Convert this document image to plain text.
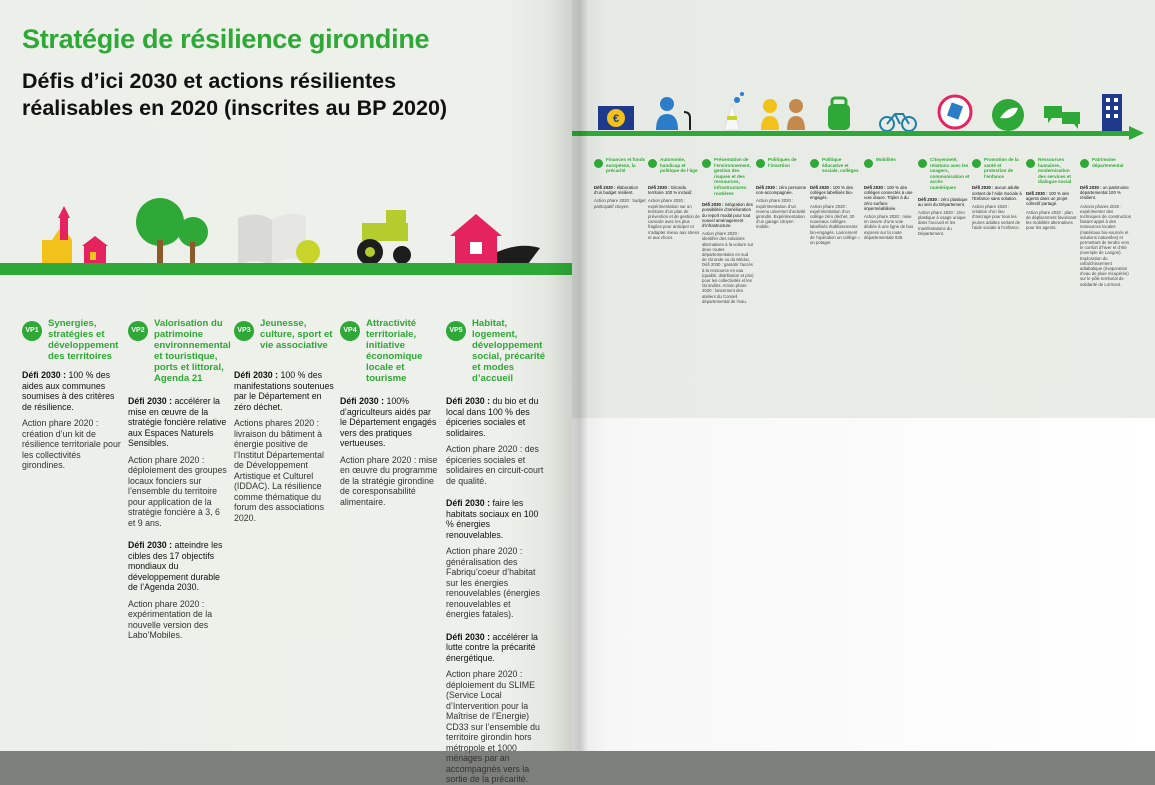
Stratégie de résilience girondine
Défis d’ici 2030 et actions résilientes réalisables en 2020 (inscrites au BP 2020)
VP1
Synergies, stratégies et développement des territoires
Défi 2030 : 100 % des aides aux communes soumises à des critères de résilience.
Action phare 2020 : création d’un kit de résilience territoriale pour les collectivités girondines.
VP2
Valorisation du patrimoine environnemental et touristique, ports et littoral, Agenda 21
Défi 2030 : accélérer la mise en œuvre de la stratégie foncière relative aux Espaces Naturels Sensibles.
Action phare 2020 : déploiement des groupes locaux fonciers sur l’ensemble du territoire pour application de la stratégie foncière à 3, 6 et 9 ans.
Défi 2030 : atteindre les cibles des 17 objectifs mondiaux du développement durable de l’Agenda 2030.
Action phare 2020 : expérimentation de la nouvelle version des Labo’Mobiles.
VP3
Jeunesse, culture, sport et vie associative
Défi 2030 : 100 % des manifestations soutenues par le Département en zéro déchet.
Actions phares 2020 : livraison du bâtiment à énergie positive de l’Institut Départemental de Développement Artistique et Culturel (IDDAC). La résilience comme thématique du forum des associations 2020.
VP4
Attractivité territoriale, initiative économique locale et tourisme
Défi 2030 : 100% d’agriculteurs aidés par le Département engagés vers des pratiques vertueuses.
Action phare 2020 : mise en œuvre du programme de la stratégie girondine de coresponsabilité alimentaire.
VP5
Habitat, logement, développement social, précarité et modes d’accueil
Défi 2030 : du bio et du local dans 100 % des épiceries sociales et solidaires.
Action phare 2020 : des épiceries sociales et solidaires en circuit-court de qualité.
Défi 2030 : faire les habitats sociaux en 100 % énergies renouvelables.
Action phare 2020 : généralisation des Fabriqu’coeur d’habitat sur les énergies renouvelables (énergies renouvelables et énergies fatales).
Défi 2030 : accélérer la lutte contre la précarité énergétique.
Action phare 2020 : déploiement du SLIME (Service Local d’Intervention pour la Maîtrise de l’Energie) CD33 sur l’ensemble du territoire girondin hors métropole et 1000 ménages par an accompagnés vers la sortie de la précarité.
€
Finances et fonds européens, la précarité
Défi 2030 : élaboration d’un budget résilient.
Action phare 2020 : budget participatif citoyen.
Autonomie, handicap et politique de l’âge
Défi 2030 : Gironde, territoire 100 % inclusif.
Action phare 2020 : expérimentation sur un territoire d’un plan de prévention et de gestion de canicule avec les plus fragiles pour anticiper et s’adapter mieux aux stress et aux chocs.
Présentation de l’environnement, gestion des risques et des ressources, infrastructures routières
Défi 2030 : intégration des possibilités d’amélioration du report modal pour tout nouvel aménagement d’infrastructure.
Action phare 2020 : identifier des solutions alternatives à la voiture sur deux routes départementales en sud de Gironde ou du Médoc. Défi 2030 : garantir l’accès à la ressource en eau (qualité, distribution et prix) pour les collectivités et les Girondins. Action phare 2020 : lancement des ateliers du Conseil départemental de l’eau.
Politiques de l’insertion
Défi 2030 : zéro personne non-accompagnée.
Action phare 2020 : expérimentation d’un revenu universel d’activité girondin. Expérimentation d’un garage citoyen mobile.
Politique éducative et sociale, collèges
Défi 2030 : 100 % des collèges labellisés bio-engagés.
Action phare 2020 : expérimentation d’un collège zéro déchet. 20 nouveaux collèges labellisés établissements bio-engagés. Lancement de l’opération un collège = un potager.
Mobilités
Défi 2030 : 100 % des collèges connectés à une voie douce. Tripler à du zéro surface imperméabilisée.
Action phare 2020 : mise en œuvre d’une voie dédiée à une ligne de bus express sur la route départementale 936.
Citoyenneté, relations avec les usagers, communication et accès numériques
Défi 2030 : zéro plastique au sein du Département.
Action phare 2020 : zéro plastique à usage unique dans l’accueil et les manifestations du Département.
Promotion de la santé et protection de l’enfance
Défi 2030 : aucun adulte sortant de l’Aide Sociale à l’Enfance sans solution.
Action phare 2020 : création d’un lieu d’ancrage pour tous les jeunes adultes sortant de l’aide sociale à l’enfance.
Ressources humaines, modernisation des services et dialogue social
Défi 2030 : 100 % des agents dans un projet collectif partagé.
Action phare 2020 : plan de déplacement favorisant les mobilités alternatives pour les agents.
Patrimoine départemental
Défi 2030 : un patrimoine départemental 100 % résilient.
Actions phares 2020 : expérimenter des techniques de construction faisant appel à des ressources locales (matériaux bio-sourcés et solutions naturelles) et permettant de tendre vers le confort d’hiver et d’été (exemple de Langon). Exploration du rafraîchissement adiabatique (évaporation d’eau de pluie récupérée) sur le pôle territorial de solidarité de Lormont.
